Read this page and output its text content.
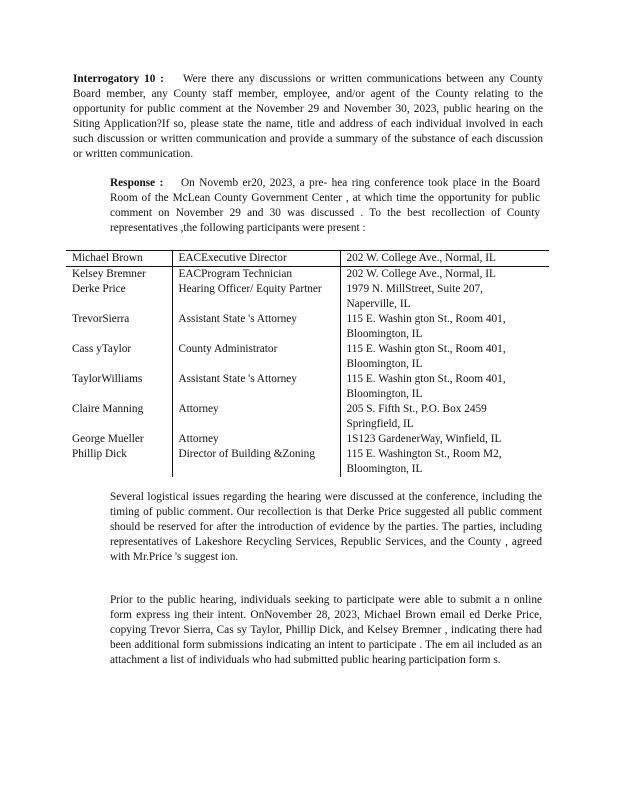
Interrogatory 10 : Were there any discussions or written communications between any County Board member, any County staff member, employee, and/or agent of the County relating to the opportunity for public comment at the November 29 and November 30, 2023, public hearing on the Siting Application?If so, please state the name, title and address of each individual involved in each such discussion or written communication and provide a summary of the substance of each discussion or written communication.
Response : On Novemb er20, 2023, a pre- hea ring conference took place in the Board Room of the McLean County Government Center , at which time the opportunity for public comment on November 29 and 30 was discussed . To the best recollection of County representatives ,the following participants were present :
Michael Brown	EACExecutive Director	202 W. College Ave., Normal, IL

Kelsey Bremner	EACProgram Technician	202 W. College Ave., Normal, IL

Derke Price	Hearing Officer/ Equity Partner	1979 N. MillStreet, Suite 207,
Naperville, IL

TrevorSierra	Assistant State 's Attorney	115 E. Washin gton St., Room 401,
Bloomington, IL

Cass yTaylor	County Administrator	115 E. Washin gton St., Room 401,
Bloomington, IL

TaylorWilliams	Assistant State 's Attorney	115 E. Washin gton St., Room 401,
Bloomington, IL

Claire Manning	Attorney	205 S. Fifth St., P.O. Box 2459
Springfield, IL

George Mueller	Attorney	1S123 GardenerWay, Winfield, IL

Phillip Dick	Director of Building &Zoning	115 E. Washington St., Room M2,
Bloomington, IL
Several logistical issues regarding the hearing were discussed at the conference, including the timing of public comment. Our recollection is that Derke Price suggested all public comment should be reserved for after the introduction of evidence by the parties. The parties, including representatives of Lakeshore Recycling Services, Republic Services, and the County , agreed with Mr.Price 's suggest ion.
Prior to the public hearing, individuals seeking to participate were able to submit a n online form express ing their intent. OnNovember 28, 2023, Michael Brown email ed Derke Price, copying Trevor Sierra, Cas sy Taylor, Phillip Dick, and Kelsey Bremner , indicating there had been additional form submissions indicating an intent to participate . The em ail included as an attachment a list of individuals who had submitted public hearing participation form s.
